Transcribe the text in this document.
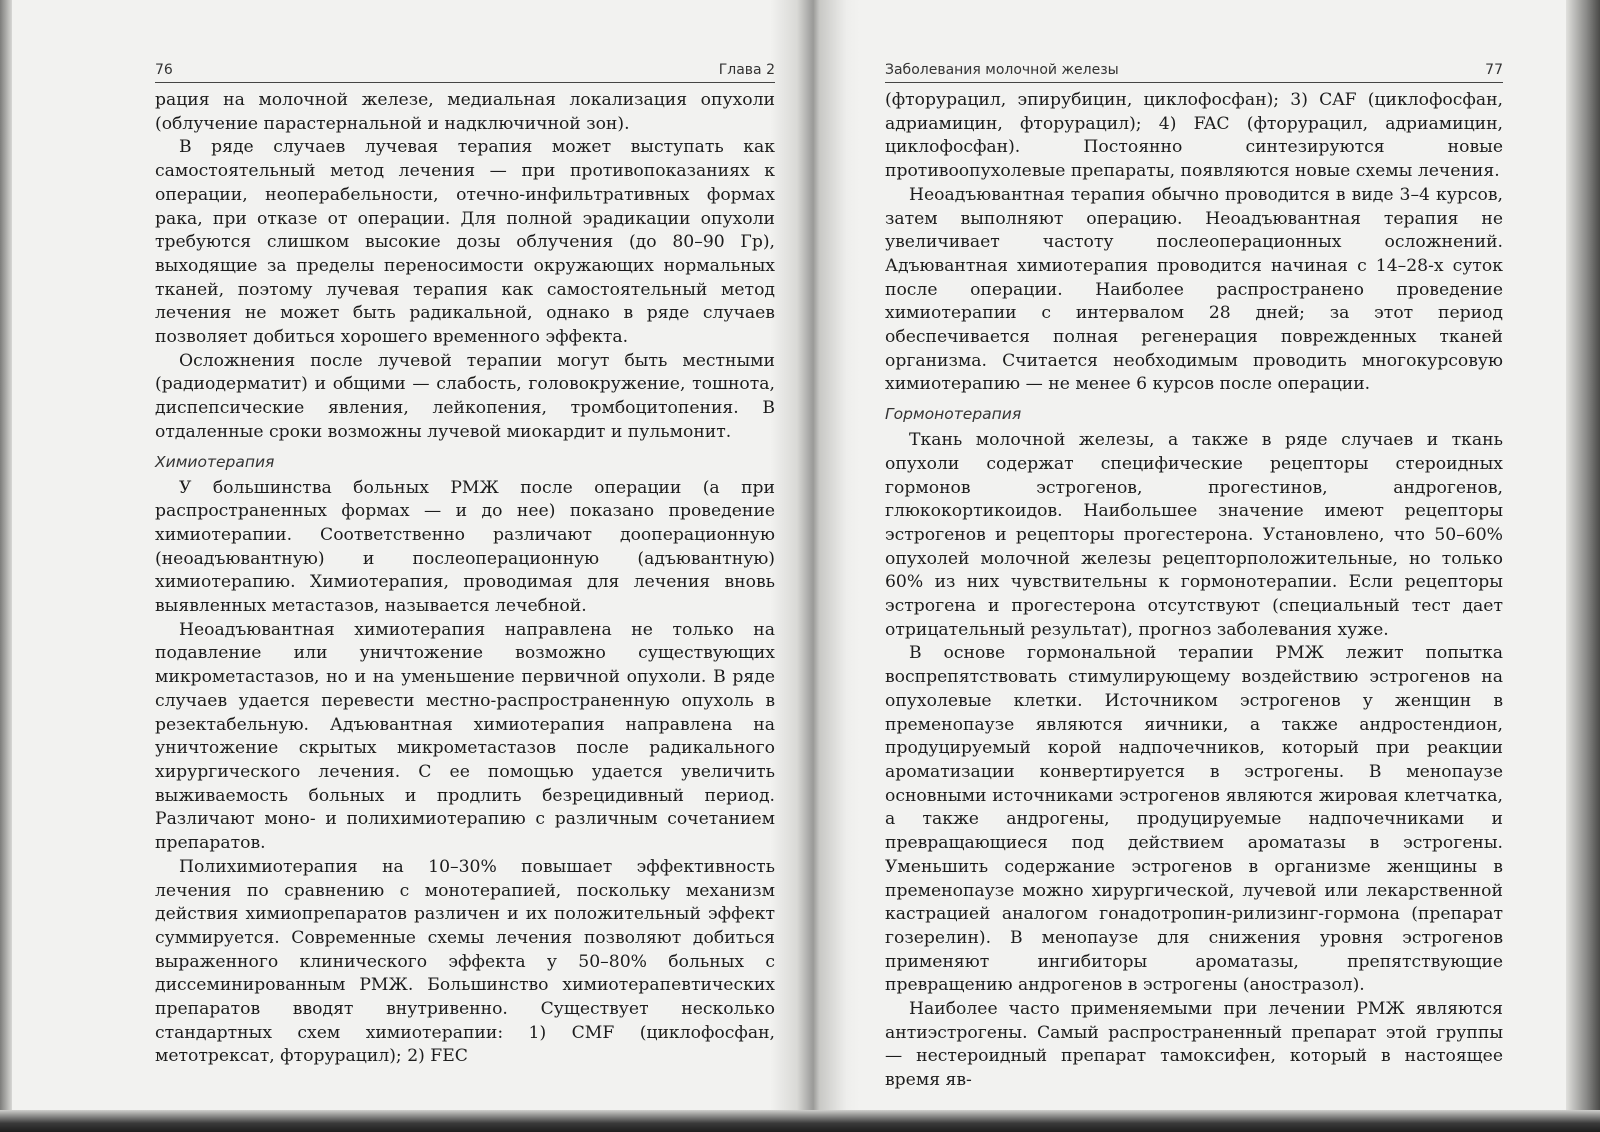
76	Глава 2

рация на молочной железе, медиальная локализация опухоли (облучение парастернальной и надключичной зон).

В ряде случаев лучевая терапия может выступать как самостоятельный метод лечения — при противопоказаниях к операции, неоперабельности, отечно-инфильтративных формах рака, при отказе от операции. Для полной эрадикации опухоли требуются слишком высокие дозы облучения (до 80–90 Гр), выходящие за пределы переносимости окружающих нормальных тканей, поэтому лучевая терапия как самостоятельный метод лечения не может быть радикальной, однако в ряде случаев позволяет добиться хорошего временного эффекта.

Осложнения после лучевой терапии могут быть местными (радиодерматит) и общими — слабость, головокружение, тошнота, диспепсические явления, лейкопения, тромбоцитопения. В отдаленные сроки возможны лучевой миокардит и пульмонит.

Химиотерапия

У большинства больных РМЖ после операции (а при распространенных формах — и до нее) показано проведение химиотерапии. Соответственно различают дооперационную (неоадъювантную) и послеоперационную (адъювантную) химиотерапию. Химиотерапия, проводимая для лечения вновь выявленных метастазов, называется лечебной.

Неоадъювантная химиотерапия направлена не только на подавление или уничтожение возможно существующих микрометастазов, но и на уменьшение первичной опухоли. В ряде случаев удается перевести местно-распространенную опухоль в резектабельную. Адъювантная химиотерапия направлена на уничтожение скрытых микрометастазов после радикального хирургического лечения. С ее помощью удается увеличить выживаемость больных и продлить безрецидивный период. Различают моно- и полихимиотерапию с различным сочетанием препаратов.

Полихимиотерапия на 10–30% повышает эффективность лечения по сравнению с монотерапией, поскольку механизм действия химиопрепаратов различен и их положительный эффект суммируется. Современные схемы лечения позволяют добиться выраженного клинического эффекта у 50–80% больных с диссеминированным РМЖ. Большинство химиотерапевтических препаратов вводят внутривенно. Существует несколько стандартных схем химиотерапии: 1) CMF (циклофосфан, метотрексат, фторурацил); 2) FEC

Заболевания молочной железы	77

(фторурацил, эпирубицин, циклофосфан); 3) CAF (циклофосфан, адриамицин, фторурацил); 4) FAC (фторурацил, адриамицин, циклофосфан). Постоянно синтезируются новые противоопухолевые препараты, появляются новые схемы лечения.

Неоадъювантная терапия обычно проводится в виде 3–4 курсов, затем выполняют операцию. Неоадъювантная терапия не увеличивает частоту послеоперационных осложнений. Адъювантная химиотерапия проводится начиная с 14–28-х суток после операции. Наиболее распространено проведение химиотерапии с интервалом 28 дней; за этот период обеспечивается полная регенерация поврежденных тканей организма. Считается необходимым проводить многокурсовую химиотерапию — не менее 6 курсов после операции.

Гормонотерапия

Ткань молочной железы, а также в ряде случаев и ткань опухоли содержат специфические рецепторы стероидных гормонов эстрогенов, прогестинов, андрогенов, глюкокортикоидов. Наибольшее значение имеют рецепторы эстрогенов и рецепторы прогестерона. Установлено, что 50–60% опухолей молочной железы рецепторположительные, но только 60% из них чувствительны к гормонотерапии. Если рецепторы эстрогена и прогестерона отсутствуют (специальный тест дает отрицательный результат), прогноз заболевания хуже.

В основе гормональной терапии РМЖ лежит попытка воспрепятствовать стимулирующему воздействию эстрогенов на опухолевые клетки. Источником эстрогенов у женщин в пременопаузе являются яичники, а также андростендион, продуцируемый корой надпочечников, который при реакции ароматизации конвертируется в эстрогены. В менопаузе основными источниками эстрогенов являются жировая клетчатка, а также андрогены, продуцируемые надпочечниками и превращающиеся под действием ароматазы в эстрогены. Уменьшить содержание эстрогенов в организме женщины в пременопаузе можно хирургической, лучевой или лекарственной кастрацией аналогом гонадотропин-рилизинг-гормона (препарат гозерелин). В менопаузе для снижения уровня эстрогенов применяют ингибиторы ароматазы, препятствующие превращению андрогенов в эстрогены (аностразол).

Наиболее часто применяемыми при лечении РМЖ являются антиэстрогены. Самый распространенный препарат этой группы — нестероидный препарат тамоксифен, который в настоящее время яв-
